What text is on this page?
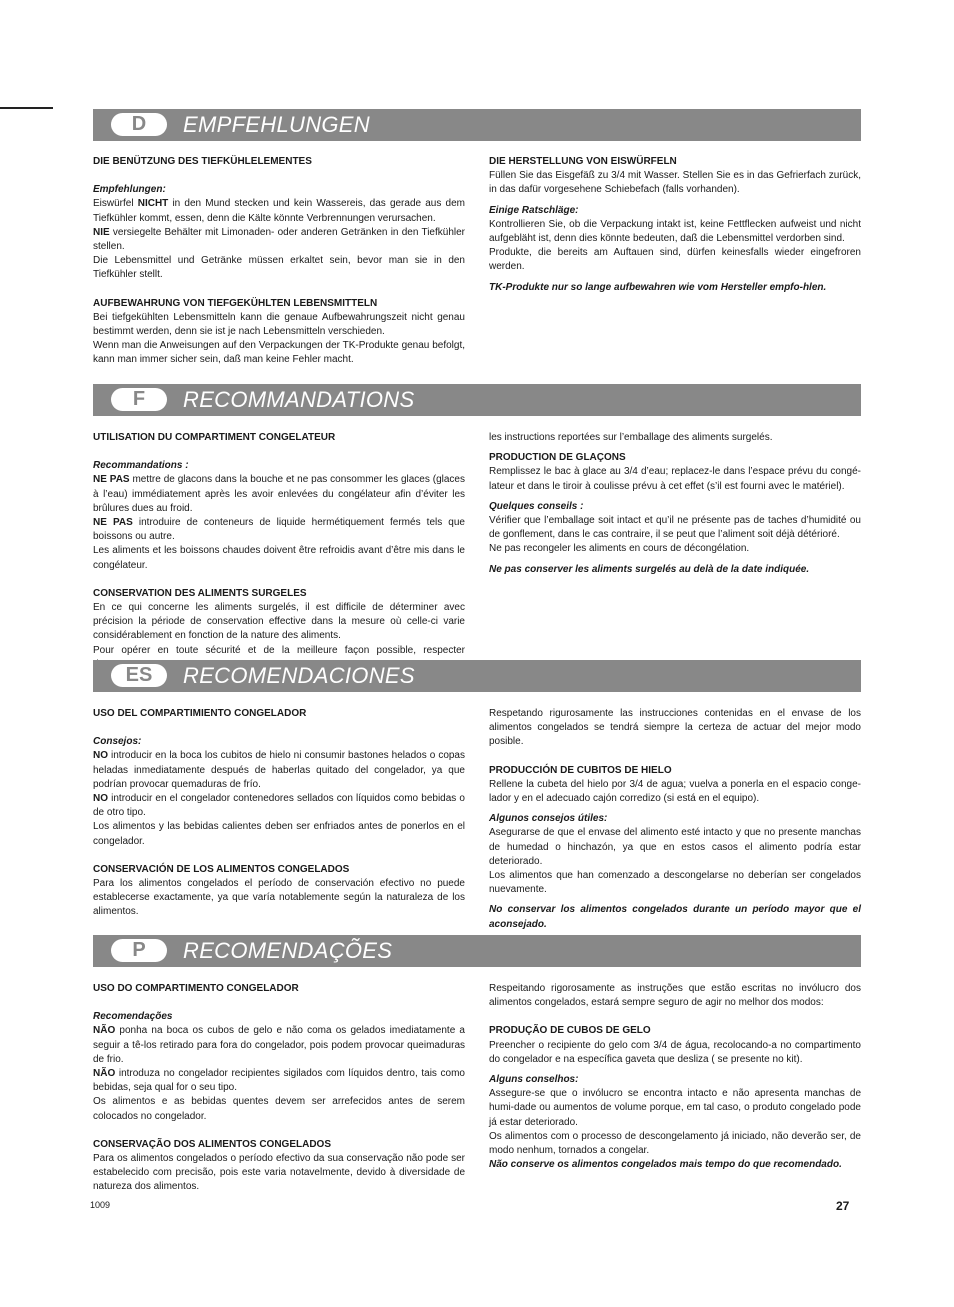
D	EMPFEHLUNGEN

DIE BENÜTZUNG DES TIEFKÜHLELEMENTES

Empfehlungen:

Eiswürfel NICHT in den Mund stecken und kein Wassereis, das gerade aus dem Tiefkühler kommt, essen, denn die Kälte könnte Verbrennungen verursachen.

NIE versiegelte Behälter mit Limonaden- oder anderen Getränken in den Tiefkühler stellen.

Die Lebensmittel und Getränke müssen erkaltet sein, bevor man sie in den Tiefkühler stellt.

AUFBEWAHRUNG VON TIEFGEKÜHLTEN LEBENSMITTELN

Bei tiefgekühlten Lebensmitteln kann die genaue Aufbewahrungszeit nicht genau bestimmt werden, denn sie ist je nach Lebensmitteln verschieden.

Wenn man die Anweisungen auf den Verpackungen der TK-Produkte genau befolgt, kann man immer sicher sein, daß man keine Fehler macht.

DIE HERSTELLUNG VON EISWÜRFELN

Füllen Sie das Eisgefäß zu 3/4 mit Wasser. Stellen Sie es in das Gefrierfach zurück, in das dafür vorgesehene Schiebefach (falls vorhanden).

Einige Ratschläge:

Kontrollieren Sie, ob die Verpackung intakt ist, keine Fettflecken aufweist und nicht aufgebläht ist, denn dies könnte bedeuten, daß die Lebensmittel verdorben sind.

Produkte, die bereits am Auftauen sind, dürfen keinesfalls wieder eingefroren werden.

TK-Produkte nur so lange aufbewahren wie vom Hersteller empfo-hlen.

F	RECOMMANDATIONS

UTILISATION DU COMPARTIMENT CONGELATEUR

Recommandations :

NE PAS mettre de glacons dans la bouche et ne pas consommer les glaces (glaces à l’eau) immédiatement après les avoir enlevées du congélateur afin d’éviter les brûlures dues au froid.

NE PAS introduire de conteneurs de liquide hermétiquement fermés tels que boissons ou autre.

Les aliments et les boissons chaudes doivent être refroidis avant d’être mis dans le congélateur.

CONSERVATION DES ALIMENTS SURGELES

En ce qui concerne les aliments surgelés, il est difficile de déterminer avec précision la période de conservation effective dans la mesure où celle-ci varie considérablement en fonction de la nature des aliments.

Pour opérer en toute sécurité et de la meilleure façon possible, respecter

les instructions reportées sur l’emballage des aliments surgelés.

PRODUCTION DE GLAÇONS

Remplissez le bac à glace au 3/4 d’eau; replacez-le dans l’espace prévu du congé-lateur et dans le tiroir à coulisse prévu à cet effet (s’il est fourni avec le matériel).

Quelques conseils :

Vérifier que l’emballage soit intact et qu’il ne présente pas de taches d’humidité ou de gonflement, dans le cas contraire, il se peut que l’aliment soit déjà détérioré.

Ne pas recongeler les aliments en cours de décongélation.

Ne pas conserver les aliments surgelés au delà de la date indiquée.

ES	RECOMENDACIONES

USO DEL COMPARTIMIENTO CONGELADOR

Consejos:

NO introducir en la boca los cubitos de hielo ni consumir bastones helados o copas heladas inmediatamente después de haberlas quitado del congelador, ya que podrían provocar quemaduras de frío.

NO introducir en el congelador contenedores sellados con líquidos como bebidas o de otro tipo.

Los alimentos y las bebidas calientes deben ser enfriados antes de ponerlos en el congelador.

CONSERVACIÓN DE LOS ALIMENTOS CONGELADOS

Para los alimentos congelados el período de conservación efectivo no puede establecerse exactamente, ya que varía notablemente según la naturaleza de los alimentos.

Respetando rigurosamente las instrucciones contenidas en el envase de los alimentos congelados se tendrá siempre la certeza de actuar del mejor modo posible.

PRODUCCIÓN DE CUBITOS DE HIELO

Rellene la cubeta del hielo por 3/4 de agua; vuelva a ponerla en el espacio conge-lador y en el adecuado cajón corredizo (si está en el equipo).

Algunos consejos útiles:

Asegurarse de que el envase del alimento esté intacto y que no presente manchas de humedad o hinchazón, ya que en estos casos el alimento podría estar deteriorado.

Los alimentos que han comenzado a descongelarse no deberían ser congelados nuevamente.

No conservar los alimentos congelados durante un período mayor que el aconsejado.

P	RECOMENDAÇÕES

USO DO COMPARTIMENTO CONGELADOR

Recomendações

NÃO ponha na boca os cubos de gelo e não coma os gelados imediatamente a seguir a tê-los retirado para fora do congelador, pois podem provocar queimaduras de frio.

NÃO introduza no congelador recipientes sigilados com líquidos dentro, tais como bebidas, seja qual for o seu tipo.

Os alimentos e as bebidas quentes devem ser arrefecidos antes de serem colocados no congelador.

CONSERVAÇÃO DOS ALIMENTOS CONGELADOS

Para os alimentos congelados o período efectivo da sua conservação não pode ser estabelecido com precisão, pois este varia notavelmente, devido à diversidade de natureza dos alimentos.

Respeitando rigorosamente as instruções que estão escritas no invólucro dos alimentos congelados, estará sempre seguro de agir no melhor dos modos:

PRODUÇÃO DE CUBOS DE GELO

Preencher o recipiente do gelo com 3/4 de água, recolocando-a no compartimento do congelador e na específica gaveta que desliza ( se presente no kit).

Alguns conselhos:

Assegure-se que o invólucro se encontra intacto e não apresenta manchas de humi-dade ou aumentos de volume porque, em tal caso, o produto congelado pode já estar deteriorado.

Os alimentos com o processo de descongelamento já iniciado, não deverão ser, de modo nenhum, tornados a congelar.

Não conserve os alimentos congelados mais tempo do que recomendado.

1009	27
